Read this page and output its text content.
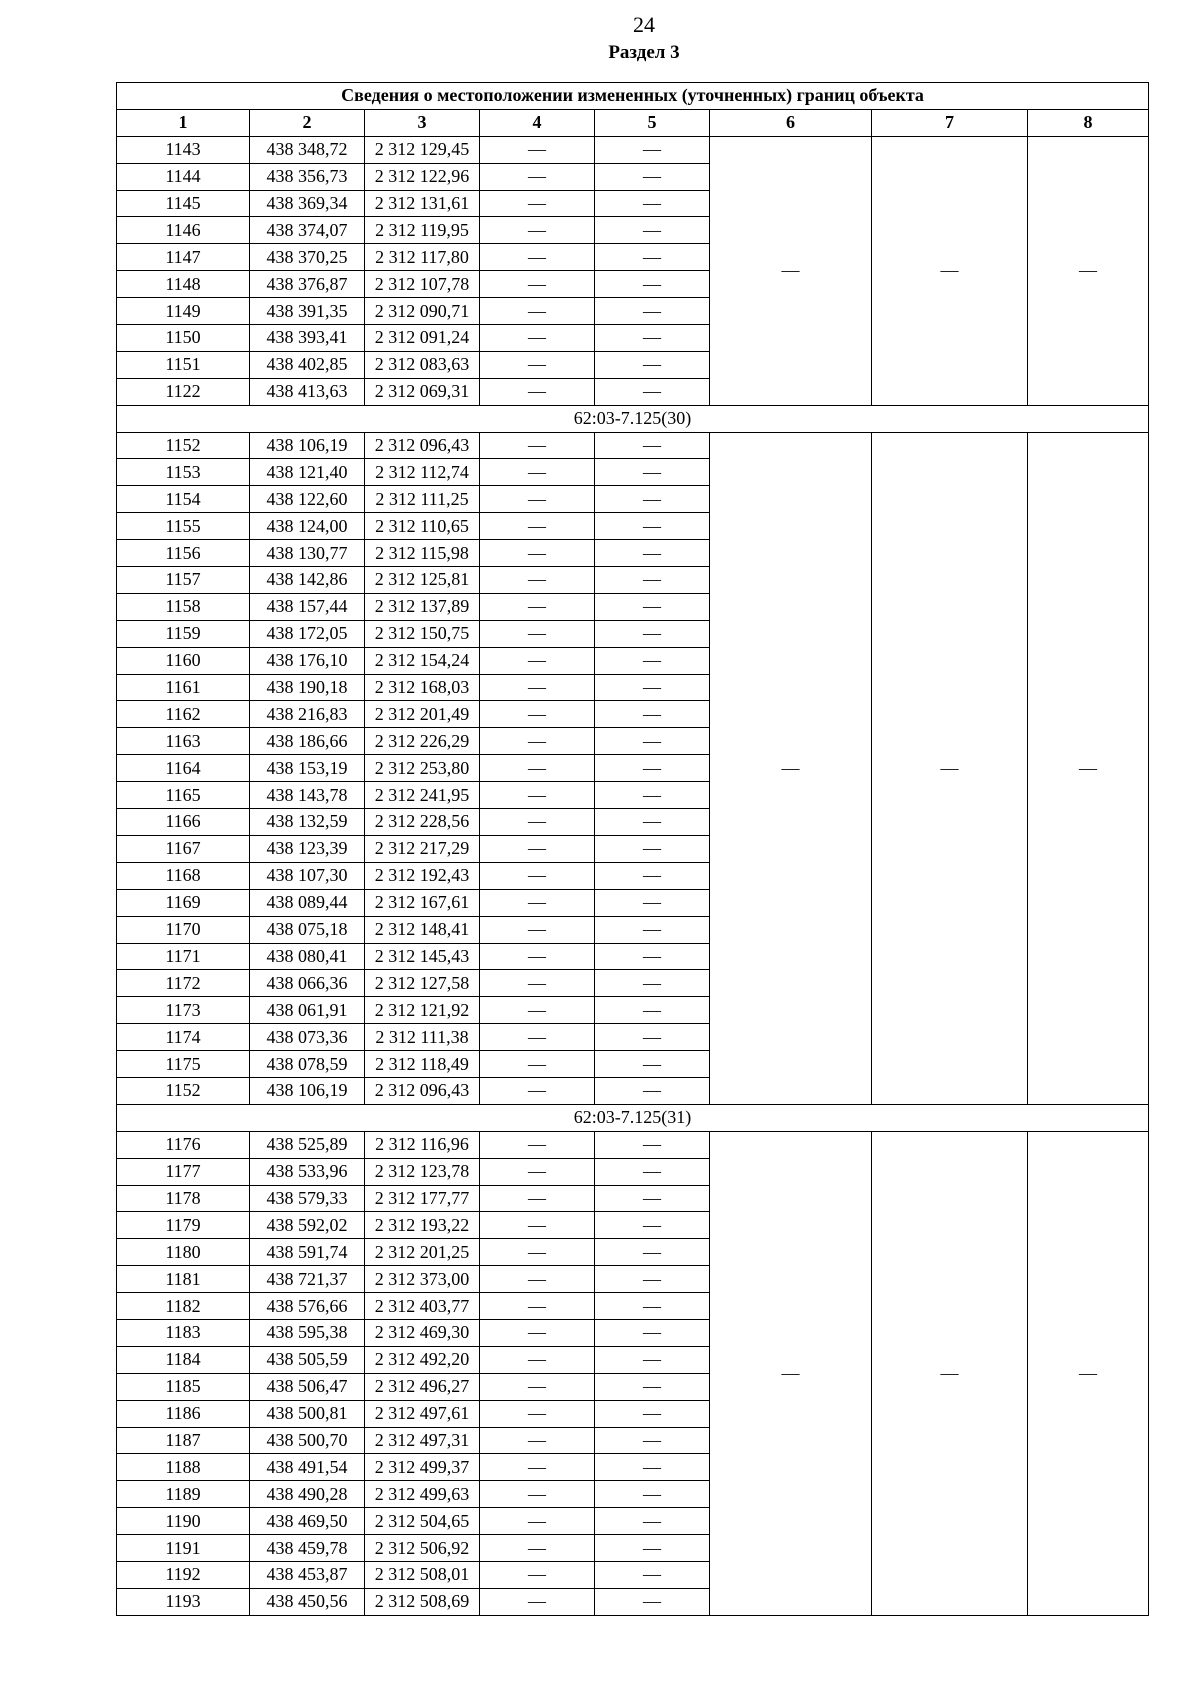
24
Раздел 3
Сведения о местоположении измененных (уточненных) границ объекта							
1	2	3	4	5	6	7	8
1143	438 348,72	2 312 129,45	—	—	—	—	—
1144	438 356,73	2 312 122,96	—	—			
1145	438 369,34	2 312 131,61	—	—			
1146	438 374,07	2 312 119,95	—	—			
1147	438 370,25	2 312 117,80	—	—			
1148	438 376,87	2 312 107,78	—	—			
1149	438 391,35	2 312 090,71	—	—			
1150	438 393,41	2 312 091,24	—	—			
1151	438 402,85	2 312 083,63	—	—			
1122	438 413,63	2 312 069,31	—	—			
62:03-7.125(30)							
1152	438 106,19	2 312 096,43	—	—	—	—	—
1153	438 121,40	2 312 112,74	—	—			
1154	438 122,60	2 312 111,25	—	—			
1155	438 124,00	2 312 110,65	—	—			
1156	438 130,77	2 312 115,98	—	—			
1157	438 142,86	2 312 125,81	—	—			
1158	438 157,44	2 312 137,89	—	—			
1159	438 172,05	2 312 150,75	—	—			
1160	438 176,10	2 312 154,24	—	—			
1161	438 190,18	2 312 168,03	—	—			
1162	438 216,83	2 312 201,49	—	—			
1163	438 186,66	2 312 226,29	—	—			
1164	438 153,19	2 312 253,80	—	—			
1165	438 143,78	2 312 241,95	—	—			
1166	438 132,59	2 312 228,56	—	—			
1167	438 123,39	2 312 217,29	—	—			
1168	438 107,30	2 312 192,43	—	—			
1169	438 089,44	2 312 167,61	—	—			
1170	438 075,18	2 312 148,41	—	—			
1171	438 080,41	2 312 145,43	—	—			
1172	438 066,36	2 312 127,58	—	—			
1173	438 061,91	2 312 121,92	—	—			
1174	438 073,36	2 312 111,38	—	—			
1175	438 078,59	2 312 118,49	—	—			
1152	438 106,19	2 312 096,43	—	—			
62:03-7.125(31)							
1176	438 525,89	2 312 116,96	—	—	—	—	—
1177	438 533,96	2 312 123,78	—	—			
1178	438 579,33	2 312 177,77	—	—			
1179	438 592,02	2 312 193,22	—	—			
1180	438 591,74	2 312 201,25	—	—			
1181	438 721,37	2 312 373,00	—	—			
1182	438 576,66	2 312 403,77	—	—			
1183	438 595,38	2 312 469,30	—	—			
1184	438 505,59	2 312 492,20	—	—			
1185	438 506,47	2 312 496,27	—	—			
1186	438 500,81	2 312 497,61	—	—			
1187	438 500,70	2 312 497,31	—	—			
1188	438 491,54	2 312 499,37	—	—			
1189	438 490,28	2 312 499,63	—	—			
1190	438 469,50	2 312 504,65	—	—			
1191	438 459,78	2 312 506,92	—	—			
1192	438 453,87	2 312 508,01	—	—			
1193	438 450,56	2 312 508,69	—	—			
